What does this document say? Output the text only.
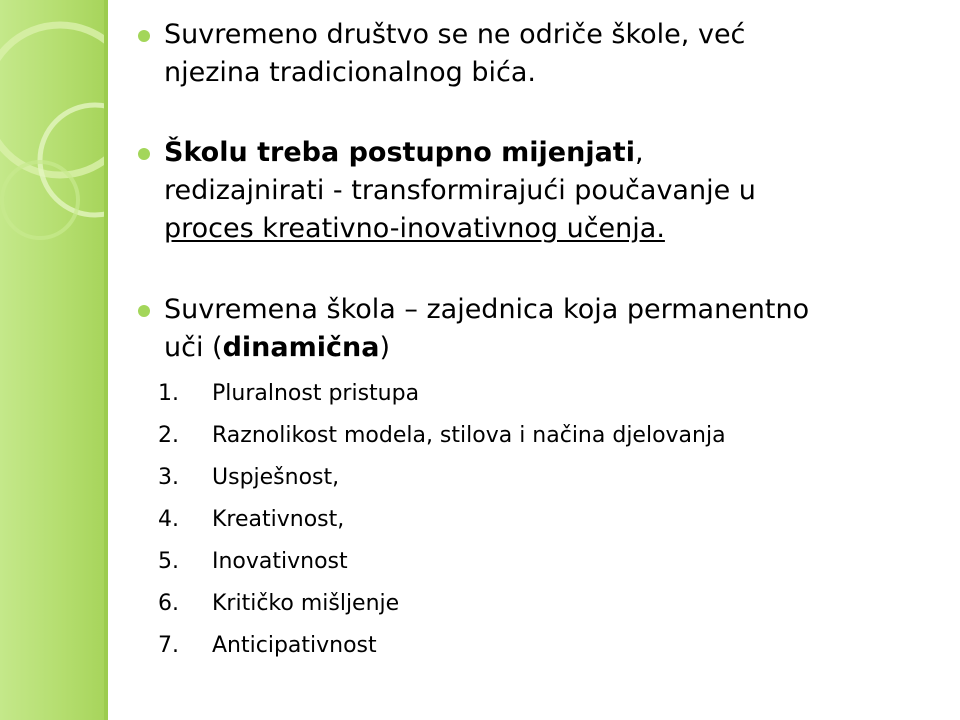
Suvremeno društvo se ne odriče škole, već
njezina tradicionalnog bića.
Školu treba postupno mijenjati,
redizajnirati - transformirajući poučavanje u
proces kreativno-inovativnog učenja.
Suvremena škola – zajednica koja permanentno
uči (dinamična)
1.	Pluralnost pristupa
2.	Raznolikost modela, stilova i načina djelovanja
3.	Uspješnost,
4.	Kreativnost,
5.	Inovativnost
6.	Kritičko mišljenje
7.	Anticipativnost
